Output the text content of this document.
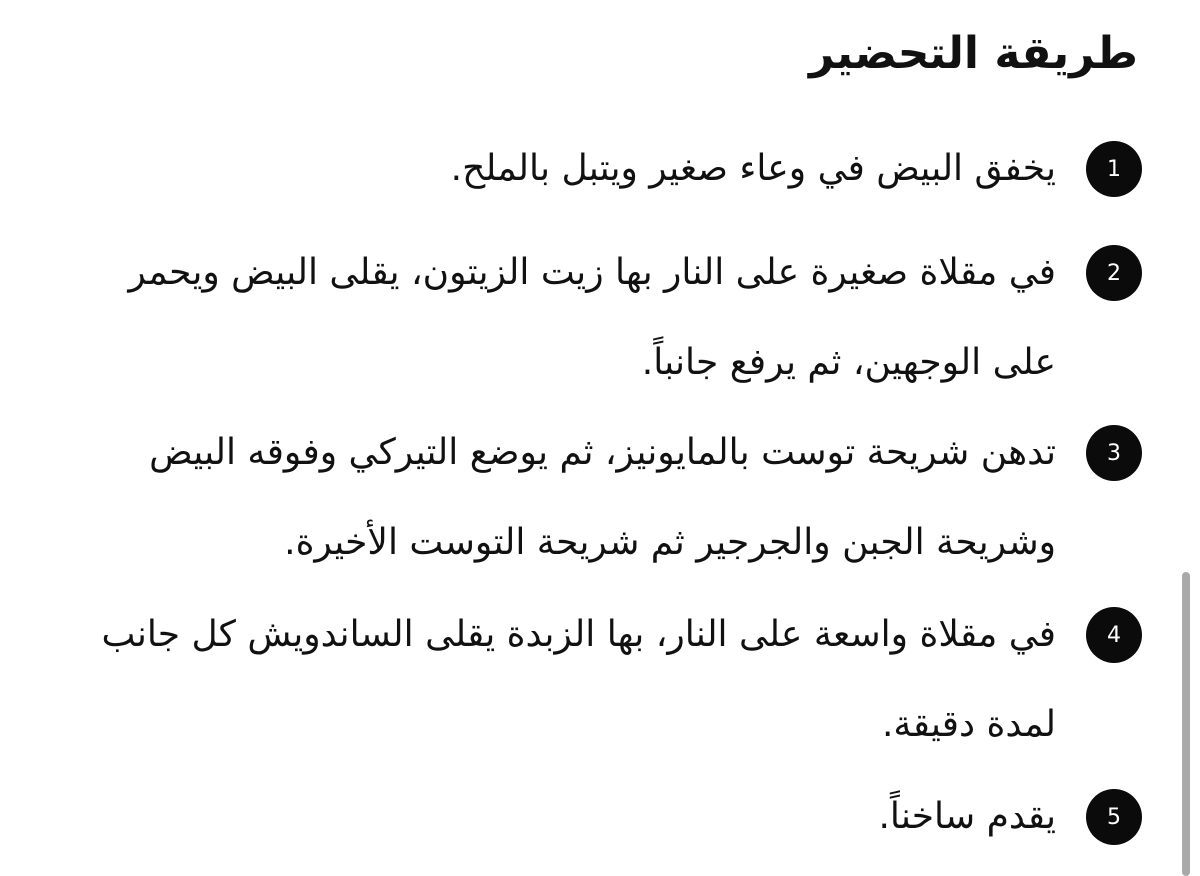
طريقة التحضير
1
يخفق البيض في وعاء صغير ويتبل بالملح.
2
في مقلاة صغيرة على النار بها زيت الزيتون، يقلى البيض ويحمر على الوجهين، ثم يرفع جانباً.
3
تدهن شريحة توست بالمايونيز، ثم يوضع التيركي وفوقه البيض وشريحة الجبن والجرجير ثم شريحة التوست الأخيرة.
4
في مقلاة واسعة على النار، بها الزبدة يقلى الساندويش كل جانب لمدة دقيقة.
5
يقدم ساخناً.
